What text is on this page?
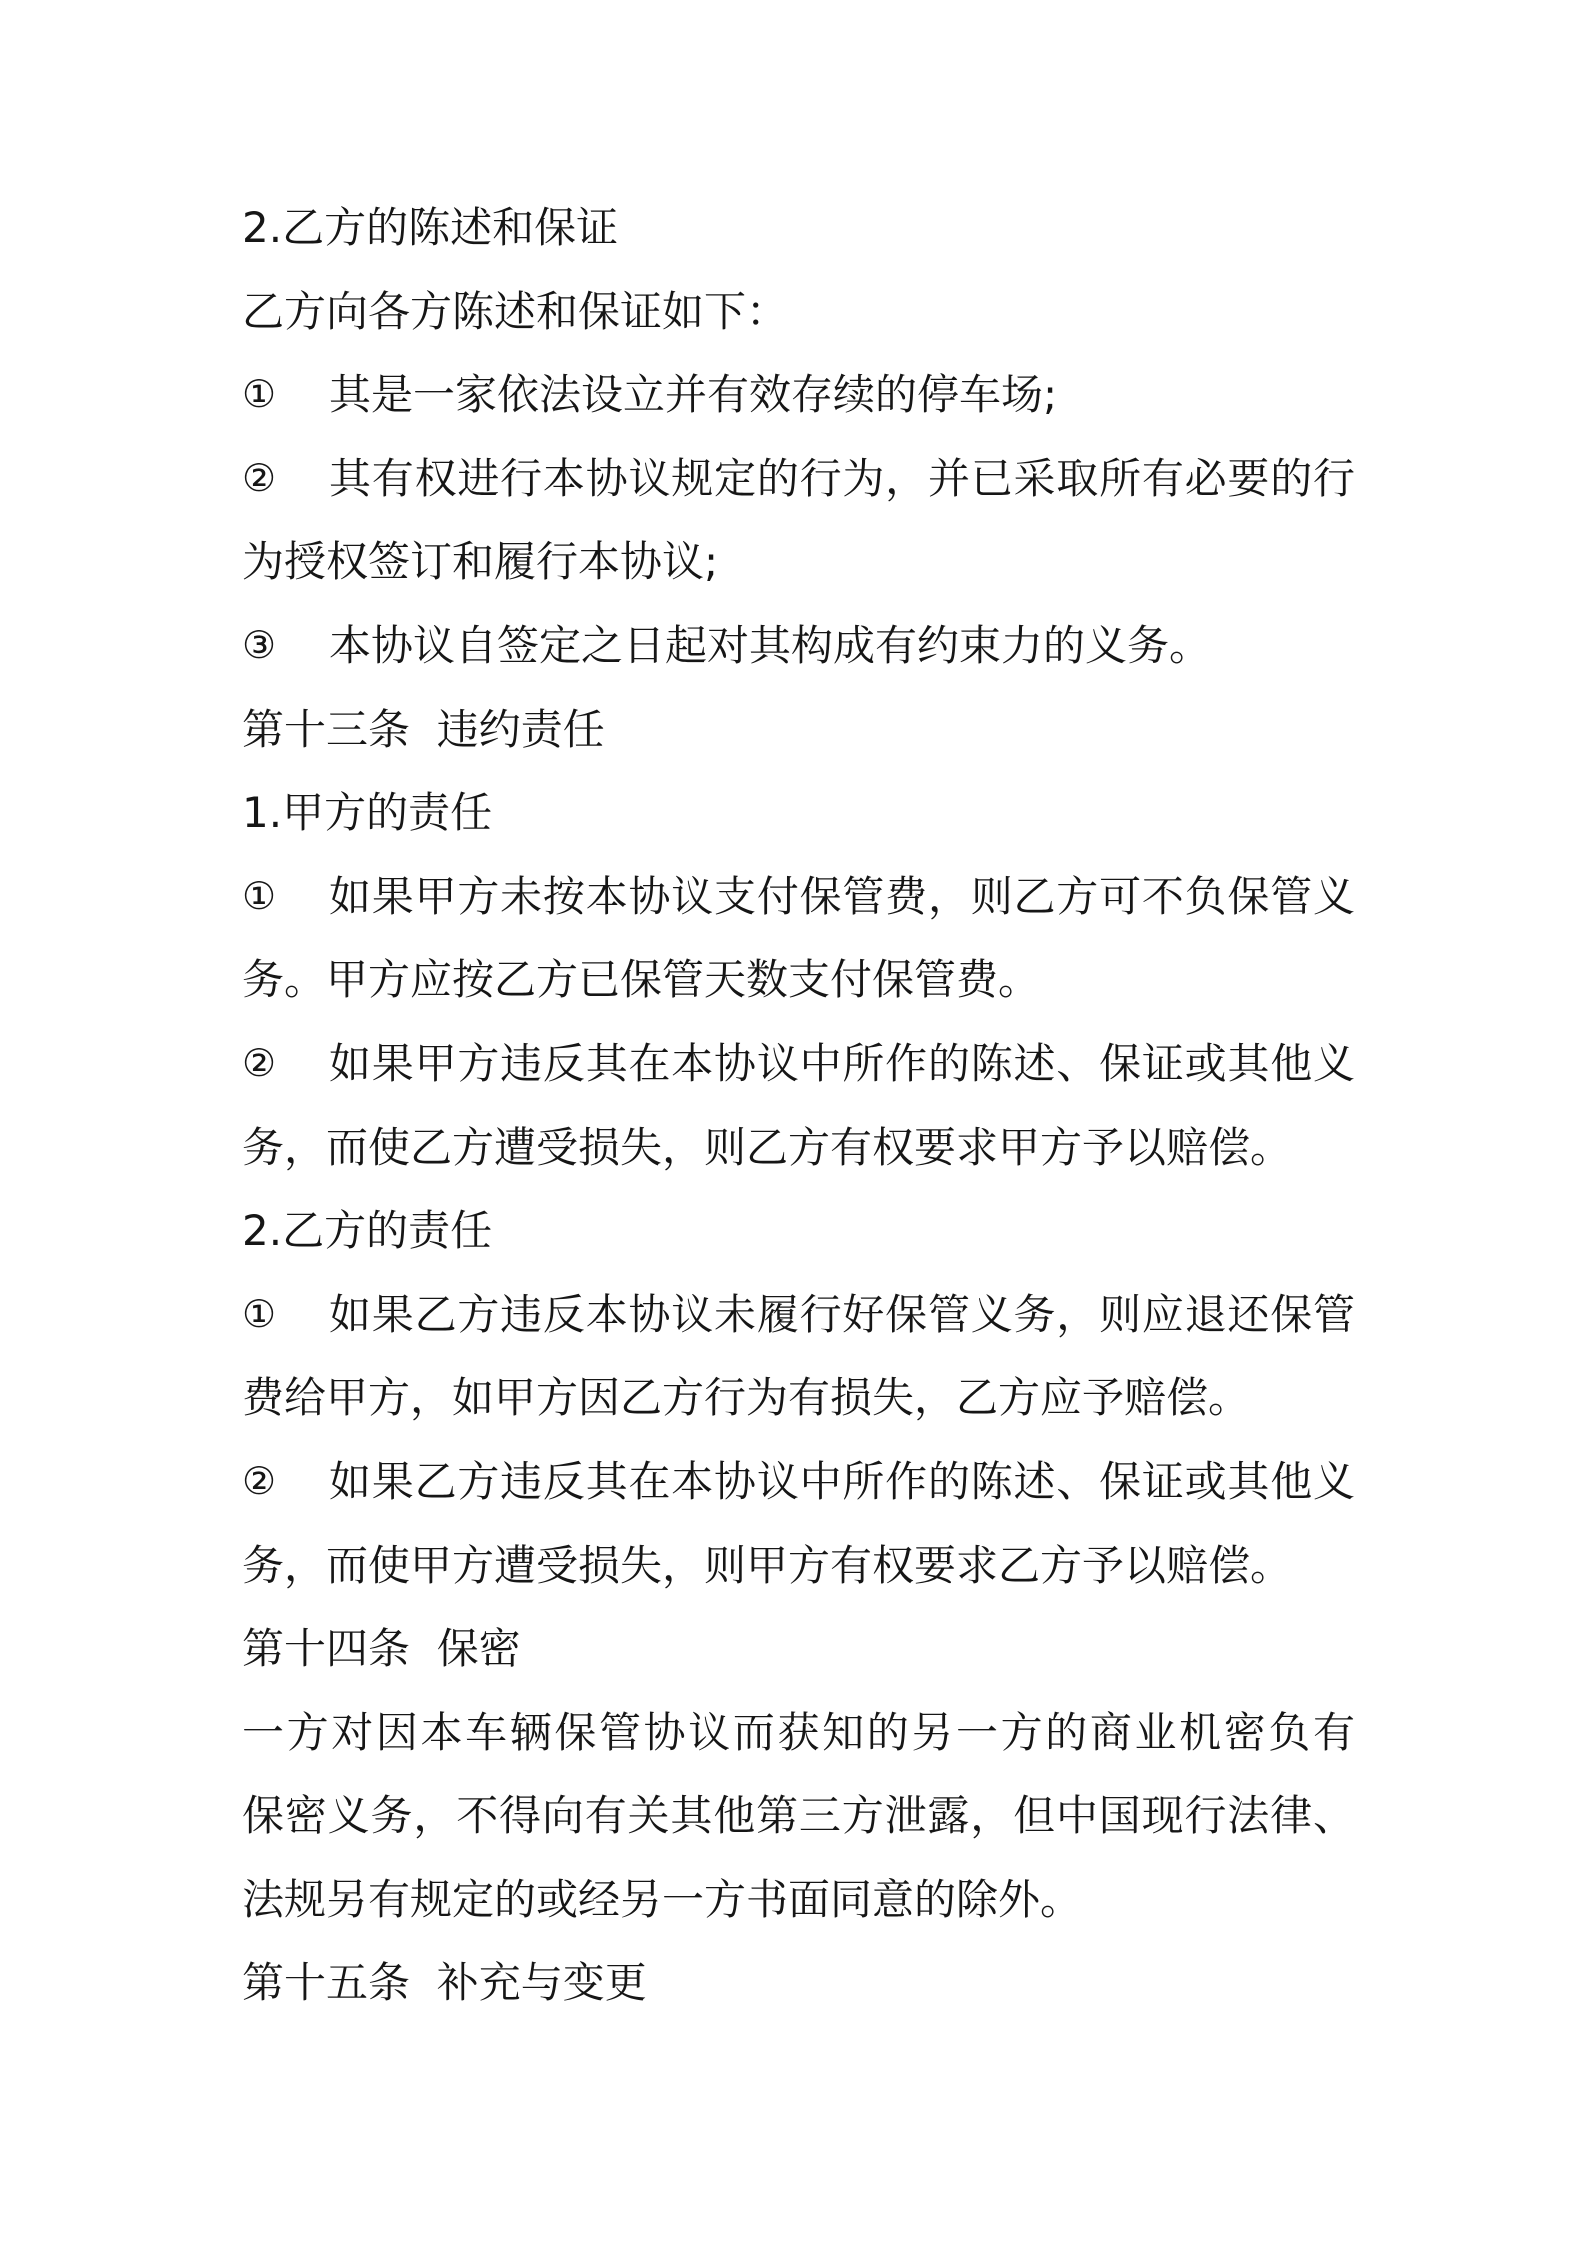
2.乙方的陈述和保证
乙方向各方陈述和保证如下：
①	其是一家依法设立并有效存续的停车场;
②	其有权进行本协议规定的行为，并已采取所有必要的行
为授权签订和履行本协议;
③	本协议自签定之日起对其构成有约束力的义务。
第十三条  违约责任
1.甲方的责任
①	如果甲方未按本协议支付保管费，则乙方可不负保管义
务。甲方应按乙方已保管天数支付保管费。
②	如果甲方违反其在本协议中所作的陈述、保证或其他义
务，而使乙方遭受损失，则乙方有权要求甲方予以赔偿。
2.乙方的责任
①	如果乙方违反本协议未履行好保管义务，则应退还保管
费给甲方，如甲方因乙方行为有损失，乙方应予赔偿。
②	如果乙方违反其在本协议中所作的陈述、保证或其他义
务，而使甲方遭受损失，则甲方有权要求乙方予以赔偿。
第十四条  保密
一方对因本车辆保管协议而获知的另一方的商业机密负有
保密义务，不得向有关其他第三方泄露，但中国现行法律、
法规另有规定的或经另一方书面同意的除外。
第十五条  补充与变更
